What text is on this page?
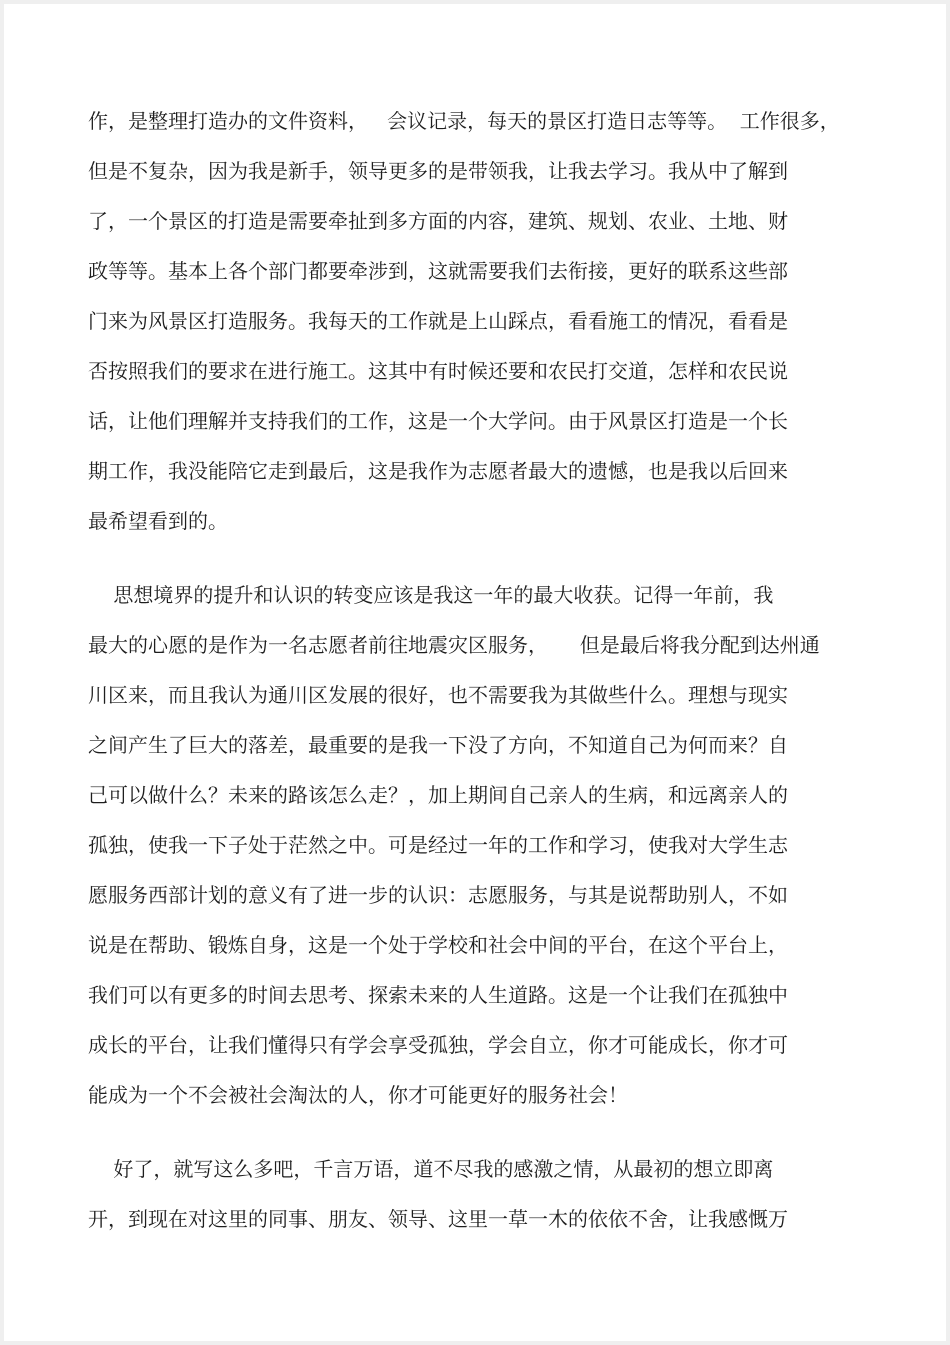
作，是整理打造办的文件资料，   会议记录，每天的景区打造日志等等。  工作很多，
但是不复杂，因为我是新手，领导更多的是带领我，让我去学习。我从中了解到
了，一个景区的打造是需要牵扯到多方面的内容，建筑、规划、农业、土地、财
政等等。基本上各个部门都要牵涉到，这就需要我们去衔接，更好的联系这些部
门来为风景区打造服务。我每天的工作就是上山踩点，看看施工的情况，看看是
否按照我们的要求在进行施工。这其中有时候还要和农民打交道，怎样和农民说
话，让他们理解并支持我们的工作，这是一个大学问。由于风景区打造是一个长
期工作，我没能陪它走到最后，这是我作为志愿者最大的遗憾，也是我以后回来
最希望看到的。
思想境界的提升和认识的转变应该是我这一年的最大收获。记得一年前，我
最大的心愿的是作为一名志愿者前往地震灾区服务，     但是最后将我分配到达州通
川区来，而且我认为通川区发展的很好，也不需要我为其做些什么。理想与现实
之间产生了巨大的落差，最重要的是我一下没了方向，不知道自己为何而来？自
己可以做什么？未来的路该怎么走？，加上期间自己亲人的生病，和远离亲人的
孤独，使我一下子处于茫然之中。可是经过一年的工作和学习，使我对大学生志
愿服务西部计划的意义有了进一步的认识：志愿服务，与其是说帮助别人，不如
说是在帮助、锻炼自身，这是一个处于学校和社会中间的平台，在这个平台上，
我们可以有更多的时间去思考、探索未来的人生道路。这是一个让我们在孤独中
成长的平台，让我们懂得只有学会享受孤独，学会自立，你才可能成长，你才可
能成为一个不会被社会淘汰的人，你才可能更好的服务社会！
好了，就写这么多吧，千言万语，道不尽我的感激之情，从最初的想立即离
开，到现在对这里的同事、朋友、领导、这里一草一木的依依不舍，让我感慨万
